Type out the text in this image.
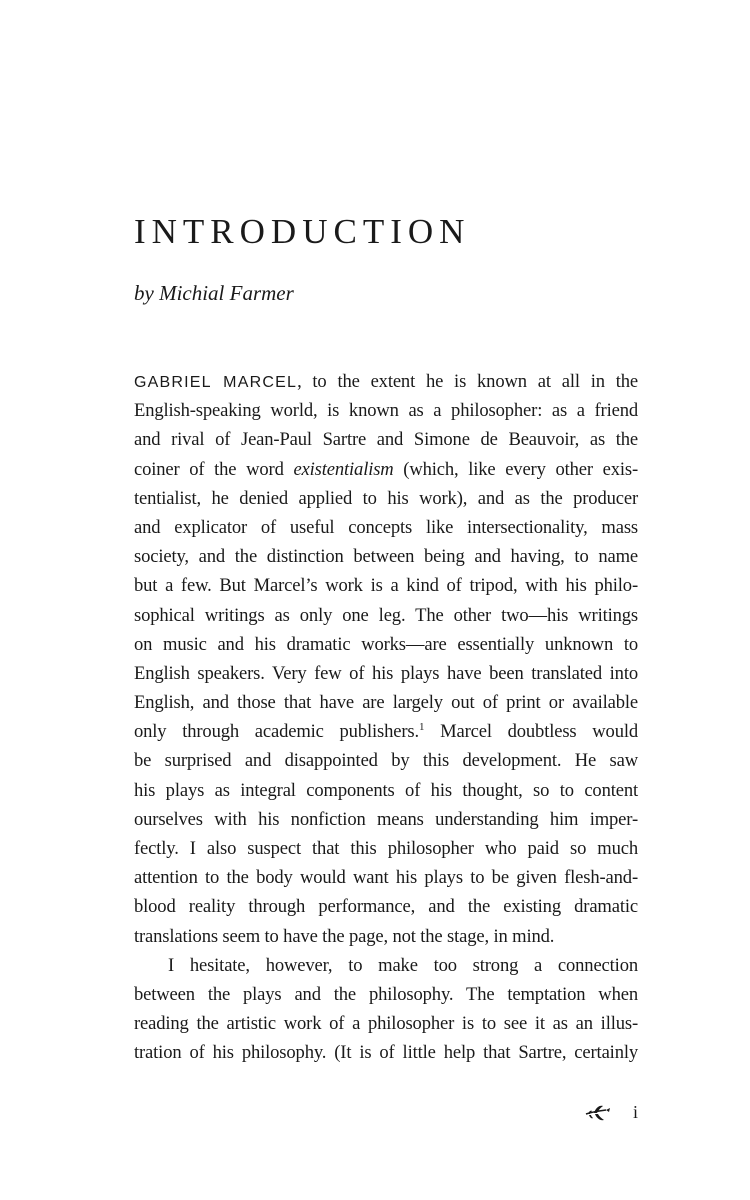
INTRODUCTION

by Michial Farmer

GABRIEL MARCEL, to the extent he is known at all in the
English-speaking world, is known as a philosopher: as a friend
and rival of Jean-Paul Sartre and Simone de Beauvoir, as the
coiner of the word existentialism (which, like every other exis-
tentialist, he denied applied to his work), and as the producer
and explicator of useful concepts like intersectionality, mass
society, and the distinction between being and having, to name
but a few. But Marcel’s work is a kind of tripod, with his philo-
sophical writings as only one leg. The other two—his writings
on music and his dramatic works—are essentially unknown to
English speakers. Very few of his plays have been translated into
English, and those that have are largely out of print or available
only through academic publishers.$^1$ Marcel doubtless would
be surprised and disappointed by this development. He saw
his plays as integral components of his thought, so to content
ourselves with his nonfiction means understanding him imper-
fectly. I also suspect that this philosopher who paid so much
attention to the body would want his plays to be given flesh-and-
blood reality through performance, and the existing dramatic
translations seem to have the page, not the stage, in mind.
I hesitate, however, to make too strong a connection
between the plays and the philosophy. The temptation when
reading the artistic work of a philosopher is to see it as an illus-
tration of his philosophy. (It is of little help that Sartre, certainly
i
